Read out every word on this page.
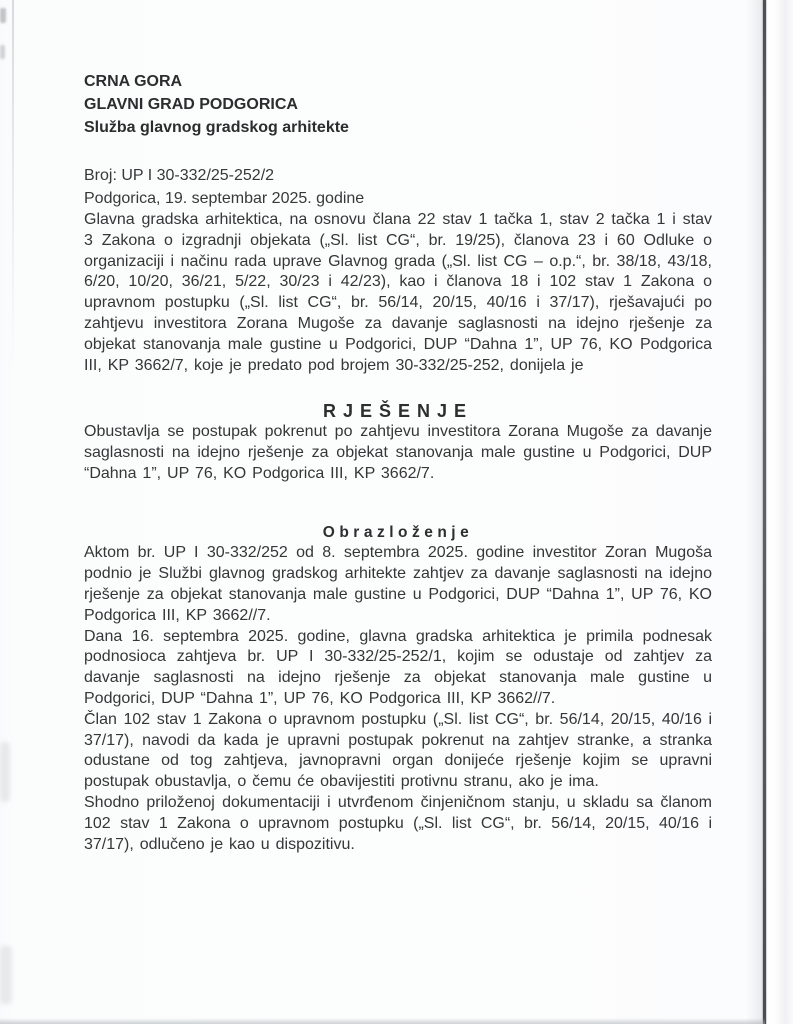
CRNA GORA
GLAVNI GRAD PODGORICA
Služba glavnog gradskog arhitekte
Broj: UP I 30-332/25-252/2
Podgorica, 19. septembar 2025. godine

Glavna gradska arhitektica, na osnovu člana 22 stav 1 tačka 1, stav 2 tačka 1 i stav 3 Zakona o izgradnji objekata („Sl. list CG“, br. 19/25), članova 23 i 60 Odluke o organizaciji i načinu rada uprave Glavnog grada („Sl. list CG – o.p.“, br. 38/18, 43/18, 6/20, 10/20, 36/21, 5/22, 30/23 i 42/23), kao i članova 18 i 102 stav 1 Zakona o upravnom postupku („Sl. list CG“, br. 56/14, 20/15, 40/16 i 37/17), rješavajući po zahtjevu investitora Zorana Mugoše za davanje saglasnosti na idejno rješenje za objekat stanovanja male gustine u Podgorici, DUP “Dahna 1”, UP 76, KO Podgorica III, KP 3662/7, koje je predato pod brojem 30-332/25-252, donijela je

RJEŠENJE

Obustavlja se postupak pokrenut po zahtjevu investitora Zorana Mugoše za davanje saglasnosti na idejno rješenje za objekat stanovanja male gustine u Podgorici, DUP “Dahna 1”, UP 76, KO Podgorica III, KP 3662/7.

Obrazloženje

Aktom br. UP I 30-332/252 od 8. septembra 2025. godine investitor Zoran Mugoša podnio je Službi glavnog gradskog arhitekte zahtjev za davanje saglasnosti na idejno rješenje za objekat stanovanja male gustine u Podgorici, DUP “Dahna 1”, UP 76, KO Podgorica III, KP 3662//7.

Dana 16. septembra 2025. godine, glavna gradska arhitektica je primila podnesak podnosioca zahtjeva br. UP I 30-332/25-252/1, kojim se odustaje od zahtjev za davanje saglasnosti na idejno rješenje za objekat stanovanja male gustine u Podgorici, DUP “Dahna 1”, UP 76, KO Podgorica III, KP 3662//7.

Član 102 stav 1 Zakona o upravnom postupku („Sl. list CG“, br. 56/14, 20/15, 40/16 i 37/17), navodi da kada je upravni postupak pokrenut na zahtjev stranke, a stranka odustane od tog zahtjeva, javnopravni organ donijeće rješenje kojim se upravni postupak obustavlja, o čemu će obavijestiti protivnu stranu, ako je ima.

Shodno priloženoj dokumentaciji i utvrđenom činjeničnom stanju, u skladu sa članom 102 stav 1 Zakona o upravnom postupku („Sl. list CG“, br. 56/14, 20/15, 40/16 i 37/17), odlučeno je kao u dispozitivu.
